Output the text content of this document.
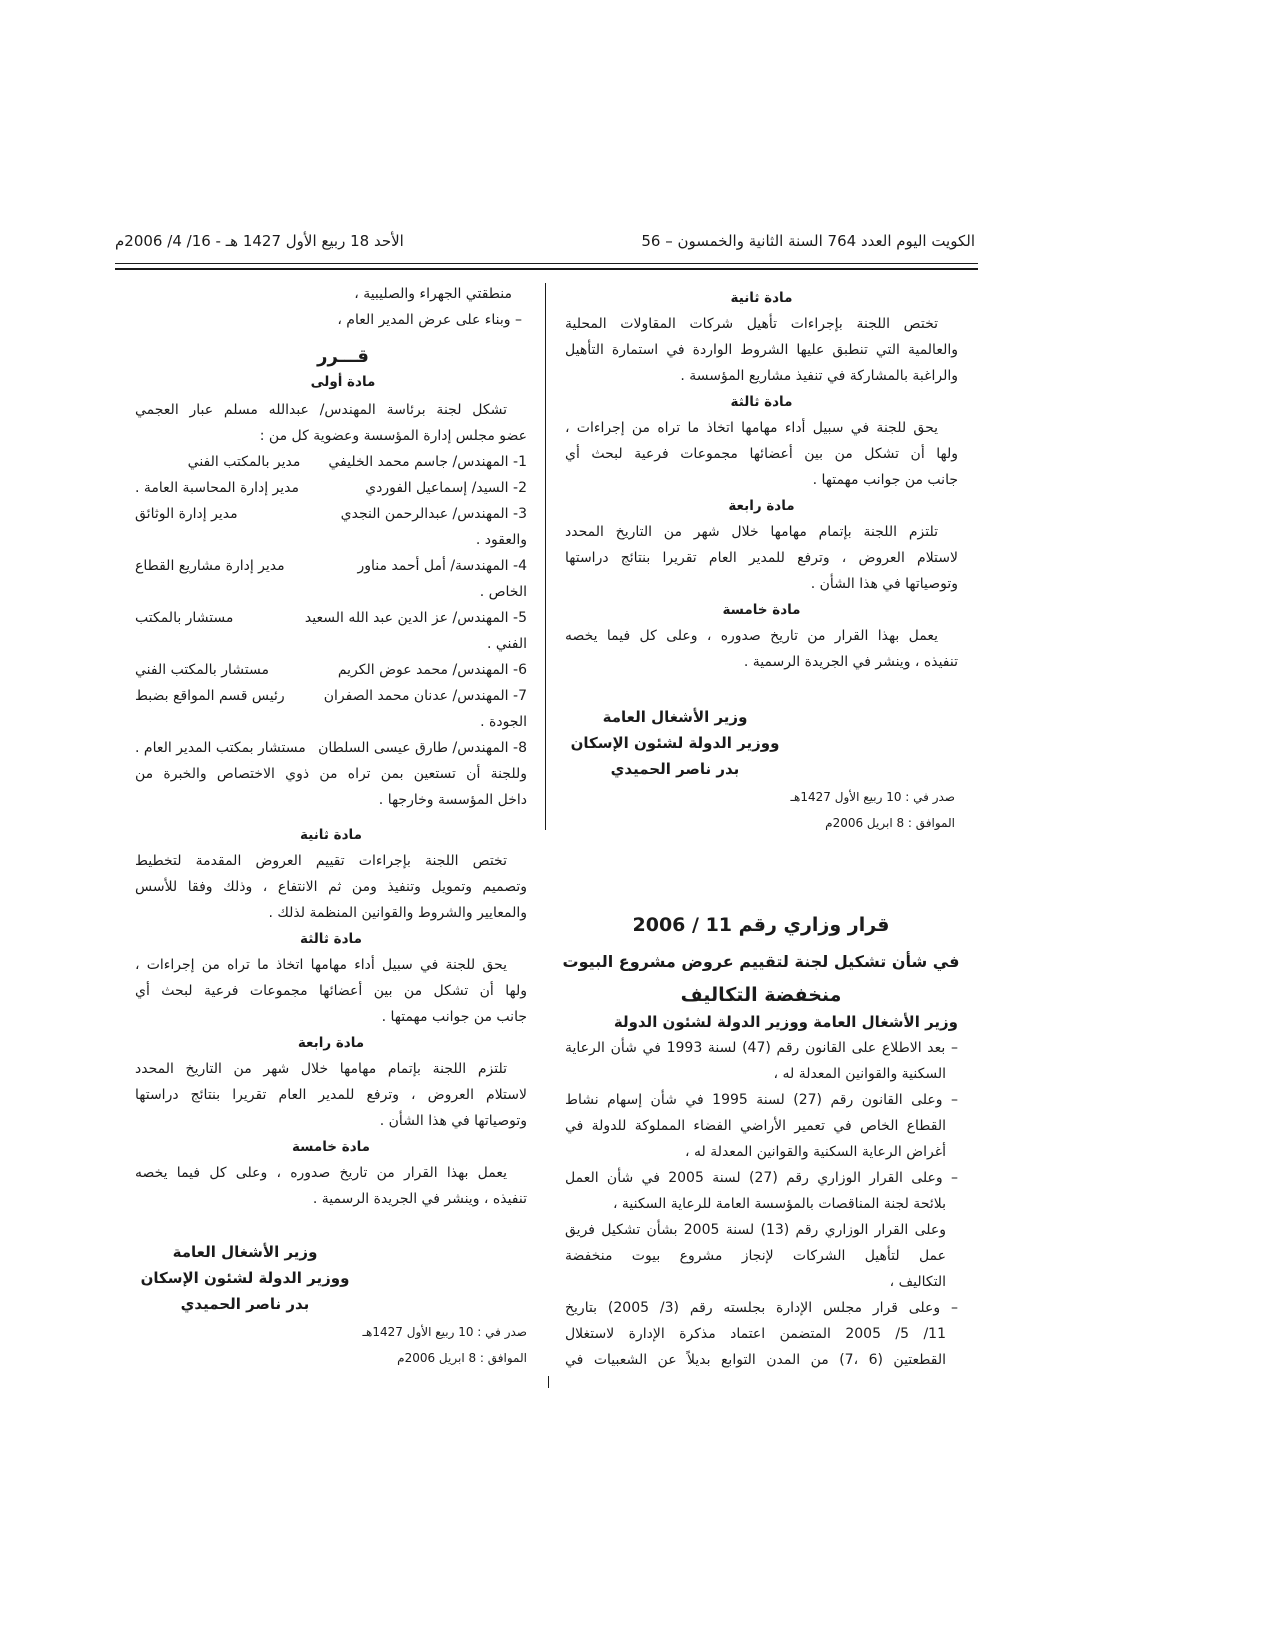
الكويت اليوم العدد 764 السنة الثانية والخمسون – 56
الأحد 18 ربيع الأول 1427 هـ - 16/ 4/ 2006م
مادة ثانية
تختص اللجنة بإجراءات تأهيل شركات المقاولات المحلية
والعالمية التي تنطبق عليها الشروط الواردة في استمارة التأهيل
والراغبة بالمشاركة في تنفيذ مشاريع المؤسسة .
مادة ثالثة
يحق للجنة في سبيل أداء مهامها اتخاذ ما تراه من إجراءات ،
ولها أن تشكل من بين أعضائها مجموعات فرعية لبحث أي
جانب من جوانب مهمتها .
مادة رابعة
تلتزم اللجنة بإتمام مهامها خلال شهر من التاريخ المحدد
لاستلام العروض ، وترفع للمدير العام تقريرا بنتائج دراستها
وتوصياتها في هذا الشأن .
مادة خامسة
يعمل بهذا القرار من تاريخ صدوره ، وعلى كل فيما يخصه
تنفيذه ، وينشر في الجريدة الرسمية .
وزير الأشغال العامة
ووزير الدولة لشئون الإسكان
بدر ناصر الحميدي
صدر في : 10 ربيع الأول 1427هـ
الموافق : 8 ابريل 2006م
قرار وزاري رقم 11 / 2006
في شأن تشكيل لجنة لتقييم عروض مشروع البيوت
منخفضة التكاليف
وزير الأشغال العامة ووزير الدولة لشئون الدولة
– بعد الاطلاع على القانون رقم (47) لسنة 1993 في شأن الرعاية
السكنية والقوانين المعدلة له ،
– وعلى القانون رقم (27) لسنة 1995 في شأن إسهام نشاط
القطاع الخاص في تعمير الأراضي الفضاء المملوكة للدولة في
أغراض الرعاية السكنية والقوانين المعدلة له ،
– وعلى القرار الوزاري رقم (27) لسنة 2005 في شأن العمل
بلائحة لجنة المناقصات بالمؤسسة العامة للرعاية السكنية ،
وعلى القرار الوزاري رقم (13) لسنة 2005 بشأن تشكيل فريق
عمل لتأهيل الشركات لإنجاز مشروع بيوت منخفضة
التكاليف ،
– وعلى قرار مجلس الإدارة بجلسته رقم (3/ 2005) بتاريخ
11/ 5/ 2005 المتضمن اعتماد مذكرة الإدارة لاستغلال
القطعتين (6 ،7) من المدن التوابع بديلاً عن الشعبيات في
منطقتي الجهراء والصليبية ،
– وبناء على عرض المدير العام ،
قـــرر
مادة أولى
تشكل لجنة برئاسة المهندس/ عبدالله مسلم عبار العجمي
عضو مجلس إدارة المؤسسة وعضوية كل من :
1- المهندس/ جاسم محمد الخليفي
مدير بالمكتب الفني
2- السيد/ إسماعيل الفوردي
مدير إدارة المحاسبة العامة .
3- المهندس/ عبدالرحمن النجدي
مدير إدارة الوثائق
والعقود .
4- المهندسة/ أمل أحمد مناور
مدير إدارة مشاريع القطاع
الخاص .
5- المهندس/ عز الدين عبد الله السعيد
مستشار بالمكتب
الفني .
6- المهندس/ محمد عوض الكريم
مستشار بالمكتب الفني
7- المهندس/ عدنان محمد الصفران
رئيس قسم المواقع بضبط
الجودة .
8- المهندس/ طارق عيسى السلطان
مستشار بمكتب المدير العام .
وللجنة أن تستعين بمن تراه من ذوي الاختصاص والخبرة من
داخل المؤسسة وخارجها .
مادة ثانية
تختص اللجنة بإجراءات تقييم العروض المقدمة لتخطيط
وتصميم وتمويل وتنفيذ ومن ثم الانتفاع ، وذلك وفقا للأسس
والمعايير والشروط والقوانين المنظمة لذلك .
مادة ثالثة
يحق للجنة في سبيل أداء مهامها اتخاذ ما تراه من إجراءات ،
ولها أن تشكل من بين أعضائها مجموعات فرعية لبحث أي
جانب من جوانب مهمتها .
مادة رابعة
تلتزم اللجنة بإتمام مهامها خلال شهر من التاريخ المحدد
لاستلام العروض ، وترفع للمدير العام تقريرا بنتائج دراستها
وتوصياتها في هذا الشأن .
مادة خامسة
يعمل بهذا القرار من تاريخ صدوره ، وعلى كل فيما يخصه
تنفيذه ، وينشر في الجريدة الرسمية .
وزير الأشغال العامة
ووزير الدولة لشئون الإسكان
بدر ناصر الحميدي
صدر في : 10 ربيع الأول 1427هـ
الموافق : 8 ابريل 2006م
